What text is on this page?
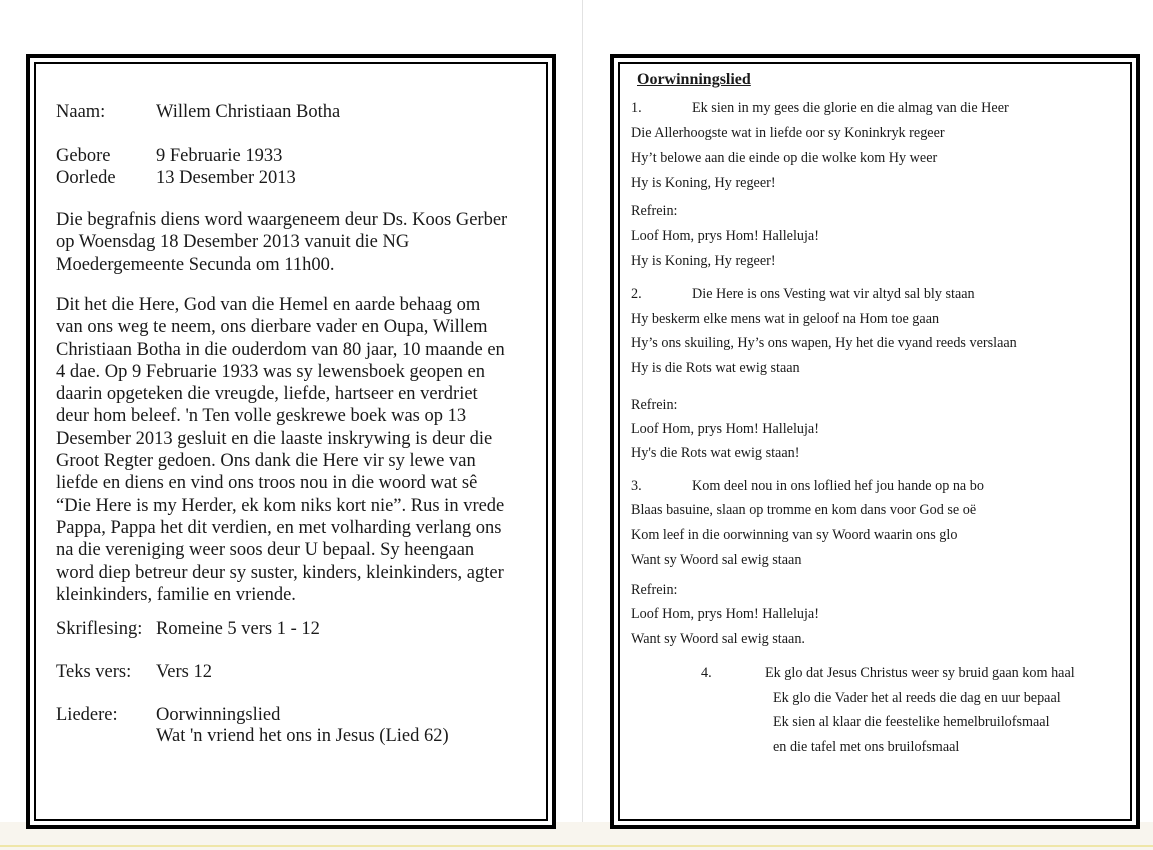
Naam:	Willem Christiaan Botha
Gebore 9 Februarie 1933
Oorlede 13 Desember 2013
Die begrafnis diens word waargeneem deur Ds. Koos Gerber
op Woensdag 18 Desember 2013 vanuit die NG
Moedergemeente Secunda om 11h00.
Dit het die Here, God van die Hemel en aarde behaag om
van ons weg te neem, ons dierbare vader en Oupa, Willem
Christiaan Botha in die ouderdom van 80 jaar, 10 maande en
4 dae. Op 9 Februarie 1933 was sy lewensboek geopen en
daarin opgeteken die vreugde, liefde, hartseer en verdriet
deur hom beleef. 'n Ten volle geskrewe boek was op 13
Desember 2013 gesluit en die laaste inskrywing is deur die
Groot Regter gedoen. Ons dank die Here vir sy lewe van
liefde en diens en vind ons troos nou in die woord wat sê
“Die Here is my Herder, ek kom niks kort nie”. Rus in vrede
Pappa, Pappa het dit verdien, en met volharding verlang ons
na die vereniging weer soos deur U bepaal. Sy heengaan
word diep betreur deur sy suster, kinders, kleinkinders, agter
kleinkinders, familie en vriende.
Skriflesing: Romeine 5 vers 1 - 12
Teks vers: Vers 12
Liedere: Oorwinningslied
Wat 'n vriend het ons in Jesus (Lied 62)
Oorwinningslied
1.	Ek sien in my gees die glorie en die almag van die Heer
Die Allerhoogste wat in liefde oor sy Koninkryk regeer
Hy’t belowe aan die einde op die wolke kom Hy weer
Hy is Koning, Hy regeer!
Refrein:
Loof Hom, prys Hom! Halleluja!
Hy is Koning, Hy regeer!
2.	Die Here is ons Vesting wat vir altyd sal bly staan
Hy beskerm elke mens wat in geloof na Hom toe gaan
Hy’s ons skuiling, Hy’s ons wapen, Hy het die vyand reeds verslaan
Hy is die Rots wat ewig staan
Refrein:
Loof Hom, prys Hom! Halleluja!
Hy's die Rots wat ewig staan!
3.	Kom deel nou in ons loflied hef jou hande op na bo
Blaas basuine, slaan op tromme en kom dans voor God se oë
Kom leef in die oorwinning van sy Woord waarin ons glo
Want sy Woord sal ewig staan
Refrein:
Loof Hom, prys Hom! Halleluja!
Want sy Woord sal ewig staan.
4.	Ek glo dat Jesus Christus weer sy bruid gaan kom haal
Ek glo die Vader het al reeds die dag en uur bepaal
Ek sien al klaar die feestelike hemelbruilofsmaal
en die tafel met ons bruilofsmaal
